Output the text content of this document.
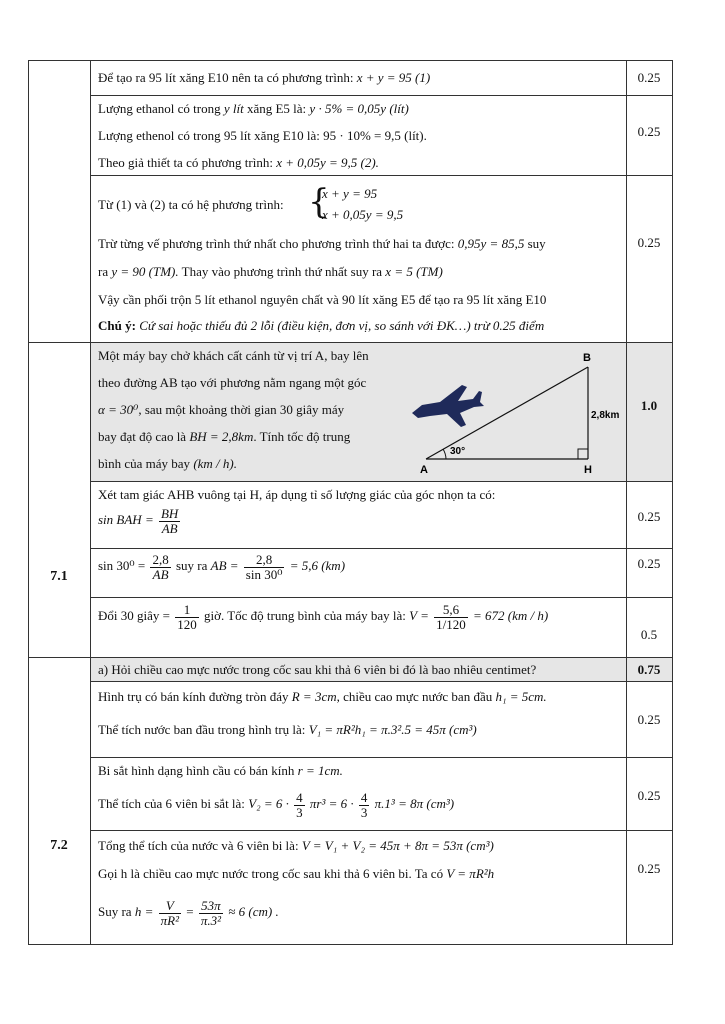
Để tạo ra 95 lít xăng E10 nên ta có phương trình: x + y = 95 (1)	0.25
Lượng ethanol có trong y lít xăng E5 là: y · 5% = 0,05y (lít)
Lượng ethenol có trong 95 lít xăng E10 là: 95 · 10% = 9,5 (lít).
Theo giả thiết ta có phương trình: x + 0,05y = 9,5 (2).
0.25
Từ (1) và (2) ta có hệ phương trình: {
x + y = 95
x + 0,05y = 9,5
Trừ từng vế phương trình thứ nhất cho phương trình thứ hai ta được: 0,95y = 85,5 suy
ra y = 90 (TM). Thay vào phương trình thứ nhất suy ra x = 5 (TM)
Vậy cần phối trộn 5 lít ethanol nguyên chất và 90 lít xăng E5 để tạo ra 95 lít xăng E10
Chú ý: Cứ sai hoặc thiếu đủ 2 lỗi (điều kiện, đơn vị, so sánh với ĐK…) trừ 0.25 điểm
0.25
Một máy bay chở khách cất cánh từ vị trí A, bay lên
theo đường AB tạo với phương nằm ngang một góc
α = 30⁰, sau một khoảng thời gian 30 giây máy
bay đạt độ cao là BH = 2,8km. Tính tốc độ trung
bình của máy bay (km / h).
1.0
B
A	H
2,8km
30°
Xét tam giác AHB vuông tại H, áp dụng tỉ số lượng giác của góc nhọn ta có:
sin BAH = $\frac{BH}{AB}$	0.25
$\sin 30^0 = \frac{2,8}{AB}$ suy ra AB = $\frac{2,8}{\text{sin 30⁰}} = 5,6$ (km)	0.25
7.1
Đổi 30 giây = $\frac{1}{120}$ giờ. Tốc độ trung bình của máy bay là: $V = \frac{5,6}{1/120} = 672$ (km / h)
0.5
a) Hỏi chiều cao mực nước trong cốc sau khi thả 6 viên bi đó là bao nhiêu centimet?	0.75
Hình trụ có bán kính đường tròn đáy R = 3cm, chiều cao mực nước ban đầu h₁ = 5cm.
Thể tích nước ban đầu trong hình trụ là: V₁ = πR²h₁ = π.3².5 = 45π (cm³)
0.25
Bi sắt hình dạng hình cầu có bán kính r = 1cm.
Thể tích của 6 viên bi sắt là: $V_2 = 6 \cdot \frac{4}{3} \pi r^3 = 6 \cdot \frac{4}{3} \pi.1^3 = 8\pi$ (cm³)
0.25
Tổng thể tích của nước và 6 viên bi là: V = V₁ + V₂ = 45π + 8π = 53π (cm³)
7.2
Gọi h là chiều cao mực nước trong cốc sau khi thả 6 viên bi. Ta có V = πR²h
Suy ra $h = \frac{V}{\text{πR²}} = \frac{53\pi}{\text{π.3²}} \approx 6$ (cm) .
0.25
